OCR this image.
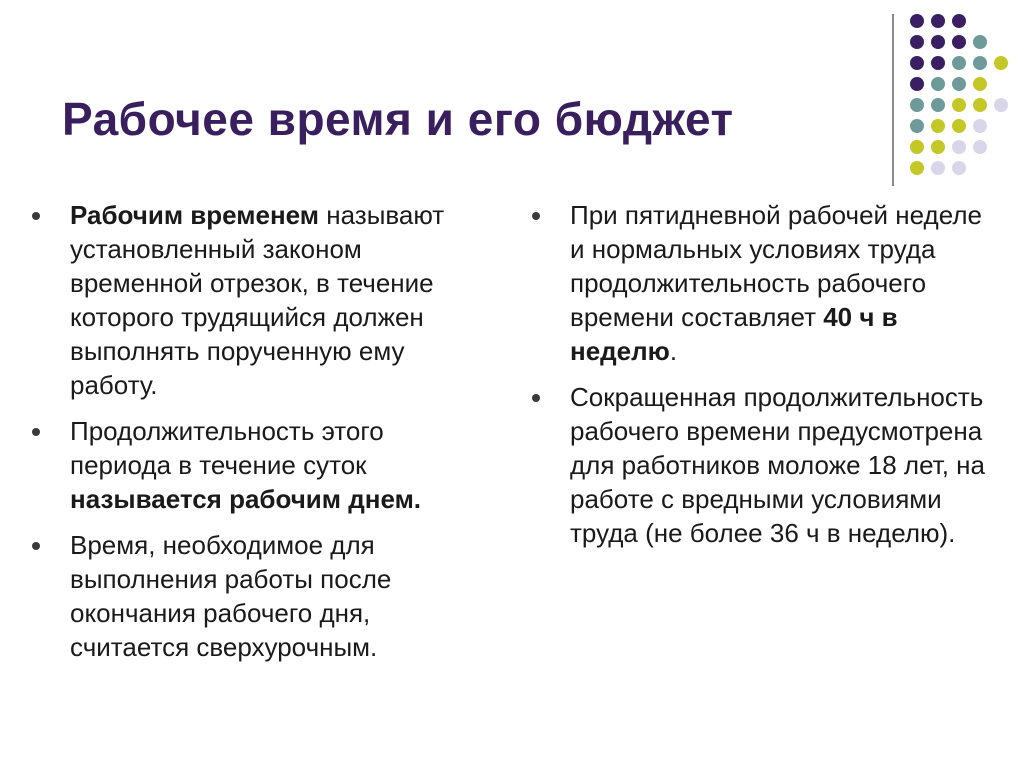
Рабочее время и его бюджет
Рабочим временем называют установленный законом временной отрезок, в течение которого трудящийся должен выполнять порученную ему работу.
Продолжительность этого периода в течение суток называется рабочим днем.
Время, необходимое для выполнения работы после окончания рабочего дня, считается сверхурочным.
При пятидневной рабочей неделе и нормальных условиях труда продолжительность рабочего времени составляет 40 ч в неделю.
Сокращенная продолжительность рабочего времени предусмотрена для работников моложе 18 лет, на работе с вредными условиями труда (не более 36 ч в неделю).
